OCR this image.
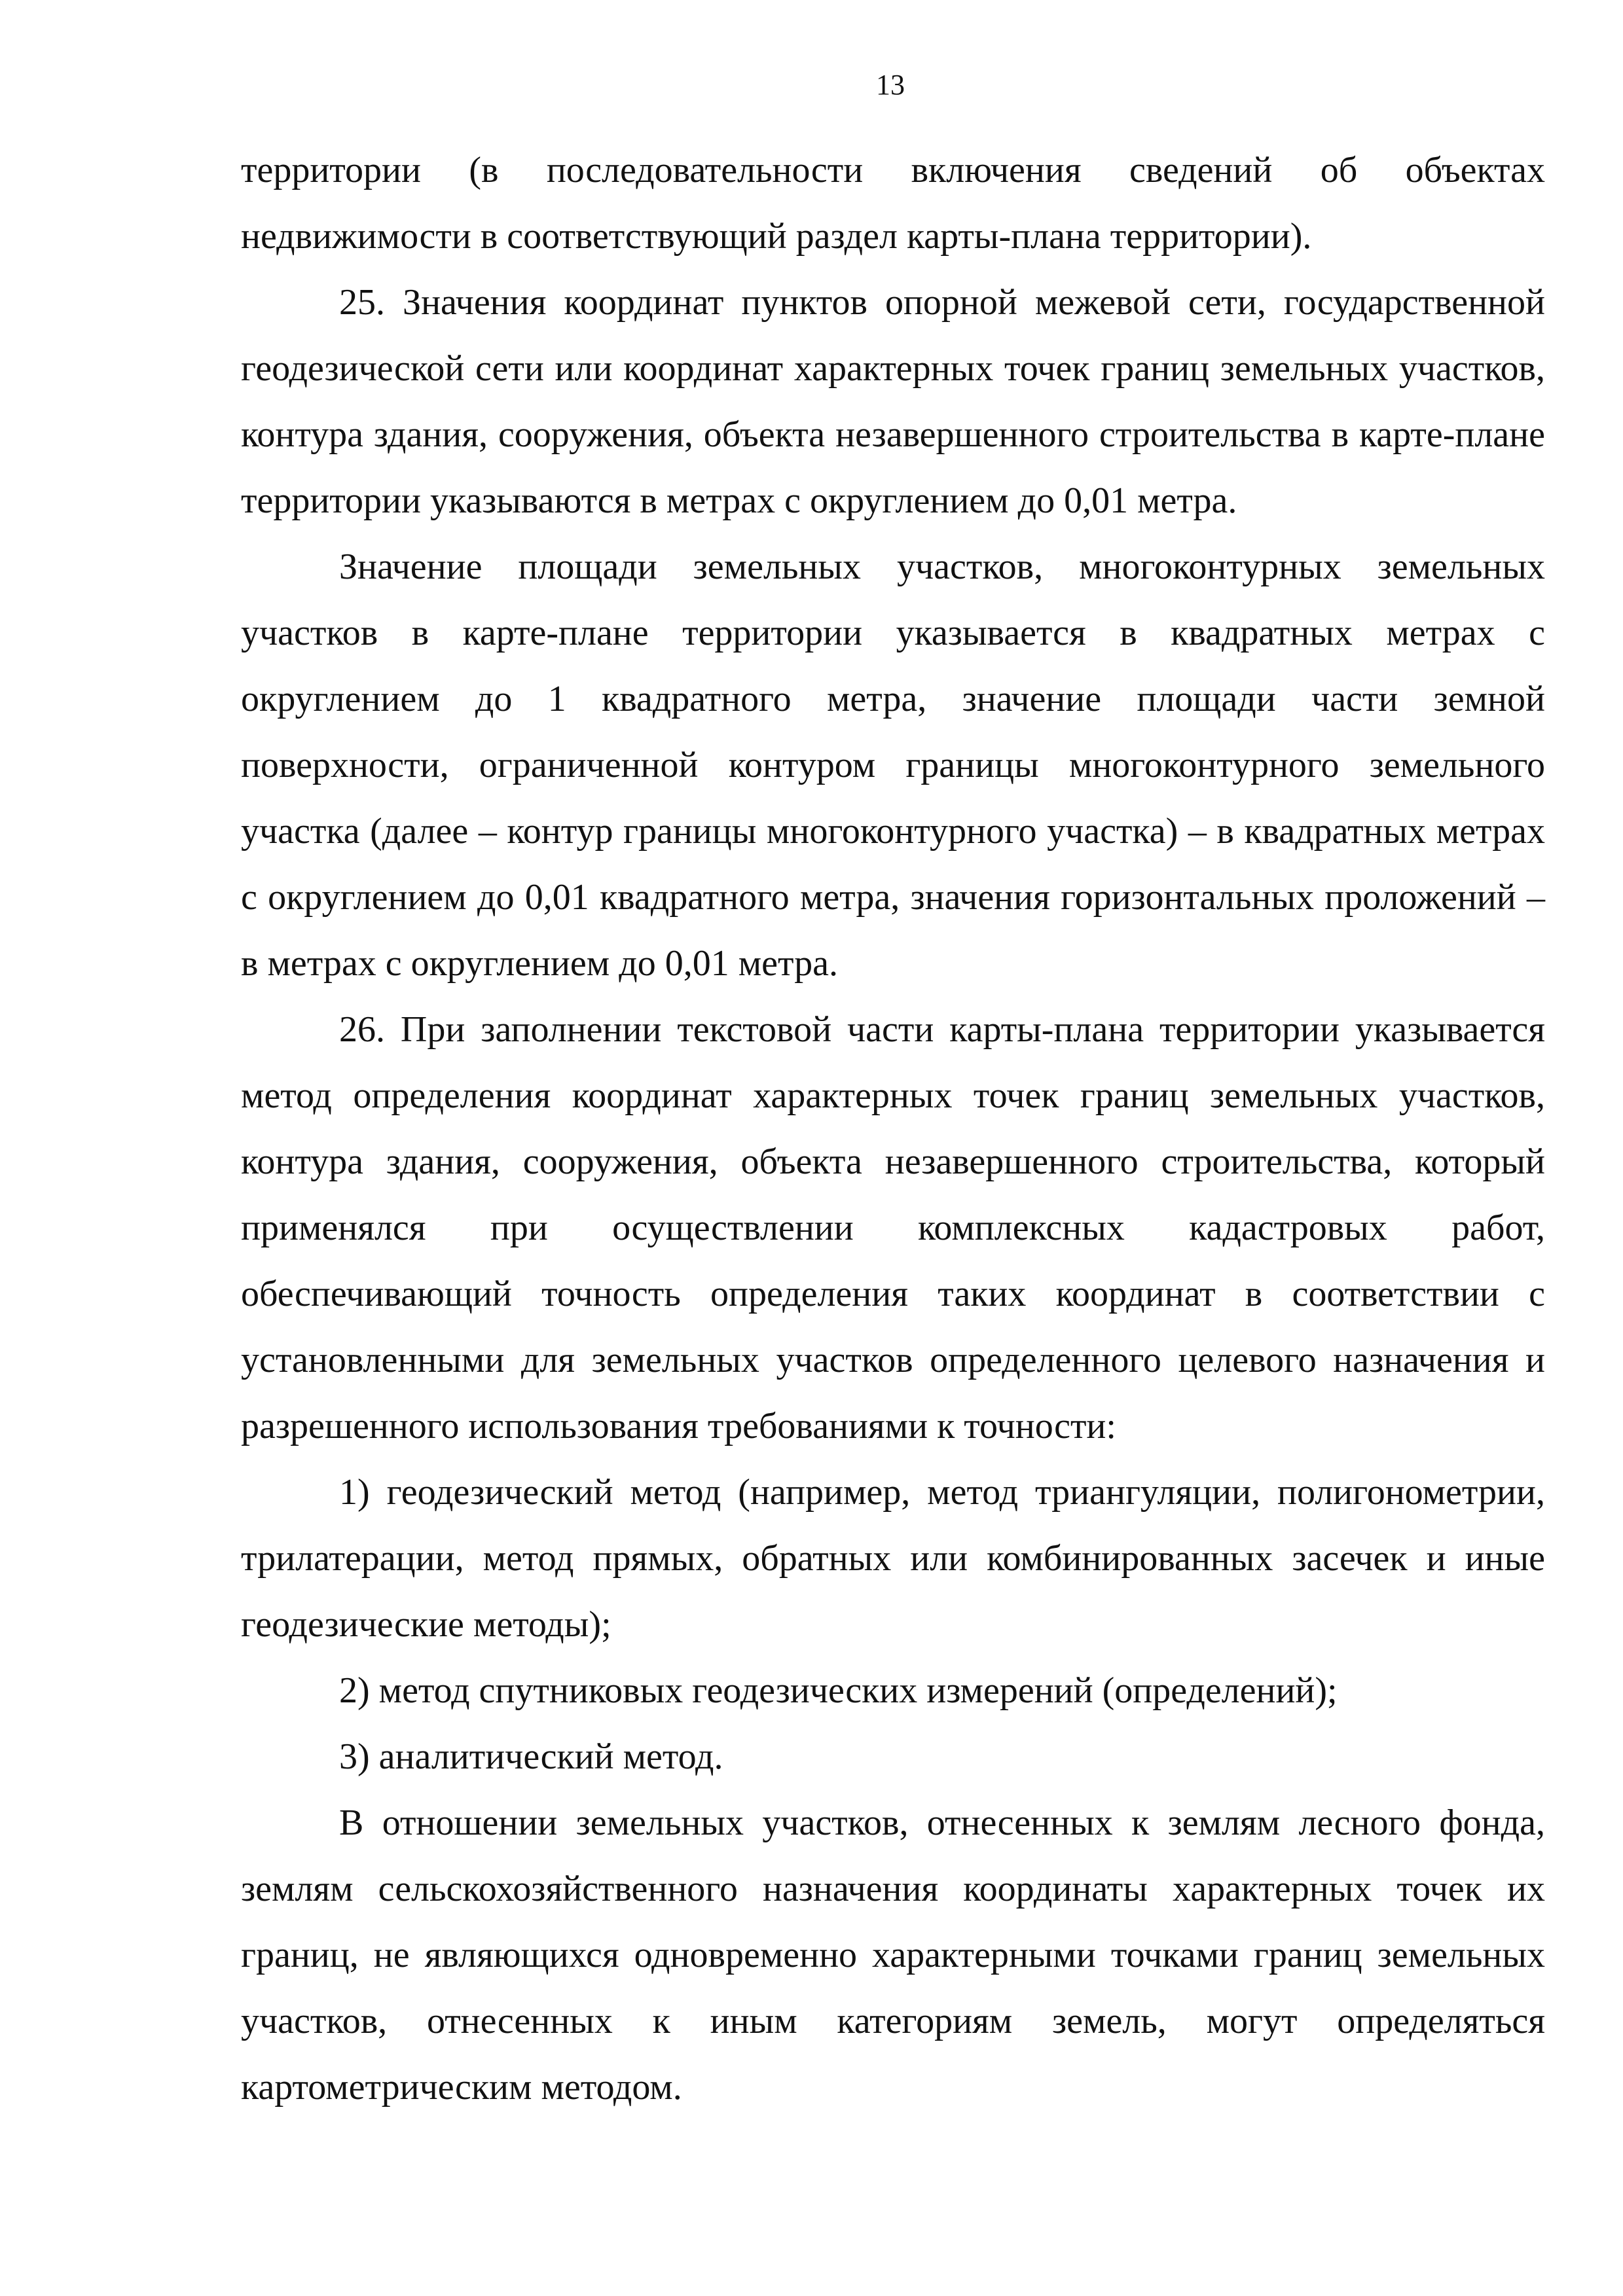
13

территории (в последовательности включения сведений об объектах недвижимости в соответствующий раздел карты-плана территории).

25. Значения координат пунктов опорной межевой сети, государственной геодезической сети или координат характерных точек границ земельных участков, контура здания, сооружения, объекта незавершенного строительства в карте-плане территории указываются в метрах с округлением до 0,01 метра.

Значение площади земельных участков, многоконтурных земельных участков в карте-плане территории указывается в квадратных метрах с округлением до 1 квадратного метра, значение площади части земной поверхности, ограниченной контуром границы многоконтурного земельного участка (далее – контур границы многоконтурного участка) – в квадратных метрах с округлением до 0,01 квадратного метра, значения горизонтальных проложений – в метрах с округлением до 0,01 метра.

26. При заполнении текстовой части карты-плана территории указывается метод определения координат характерных точек границ земельных участков, контура здания, сооружения, объекта незавершенного строительства, который применялся при осуществлении комплексных кадастровых работ, обеспечивающий точность определения таких координат в соответствии с установленными для земельных участков определенного целевого назначения и разрешенного использования требованиями к точности:

1) геодезический метод (например, метод триангуляции, полигонометрии, трилатерации, метод прямых, обратных или комбинированных засечек и иные геодезические методы);

2) метод спутниковых геодезических измерений (определений);

3) аналитический метод.

В отношении земельных участков, отнесенных к землям лесного фонда, землям сельскохозяйственного назначения координаты характерных точек их границ, не являющихся одновременно характерными точками границ земельных участков, отнесенных к иным категориям земель, могут определяться картометрическим методом.
